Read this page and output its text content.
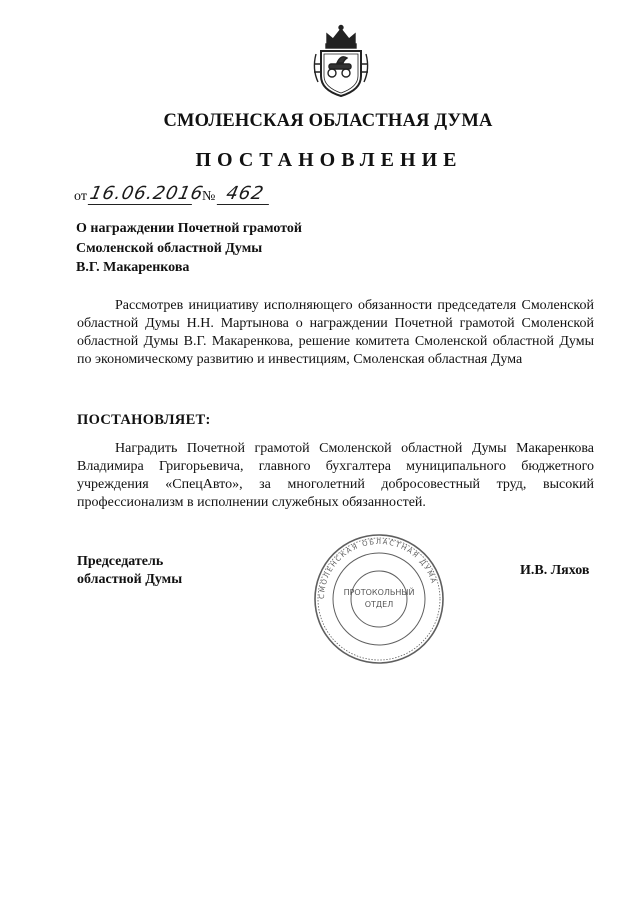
СМОЛЕНСКАЯ ОБЛАСТНАЯ ДУМА
ПОСТАНОВЛЕНИЕ
от 16.06.2016 № 462
О награждении Почетной грамотой
Смоленской областной Думы
В.Г. Макаренкова
Рассмотрев инициативу исполняющего обязанности председателя Смоленской областной Думы Н.Н. Мартынова о награждении Почетной грамотой Смоленской областной Думы В.Г. Макаренкова, решение комитета Смоленской областной Думы по экономическому развитию и инвестициям, Смоленская областная Дума
ПОСТАНОВЛЯЕТ:
Наградить Почетной грамотой Смоленской областной Думы Макаренкова Владимира Григорьевича, главного бухгалтера муниципального бюджетного учреждения «СпецАвто», за многолетний добросовестный труд, высокий профессионализм в исполнении служебных обязанностей.
Председатель
областной Думы
СМОЛЕНСКАЯ ОБЛАСТНАЯ ДУМА
ПРОТОКОЛЬНЫЙ
ОТДЕЛ
И.В. Ляхов
